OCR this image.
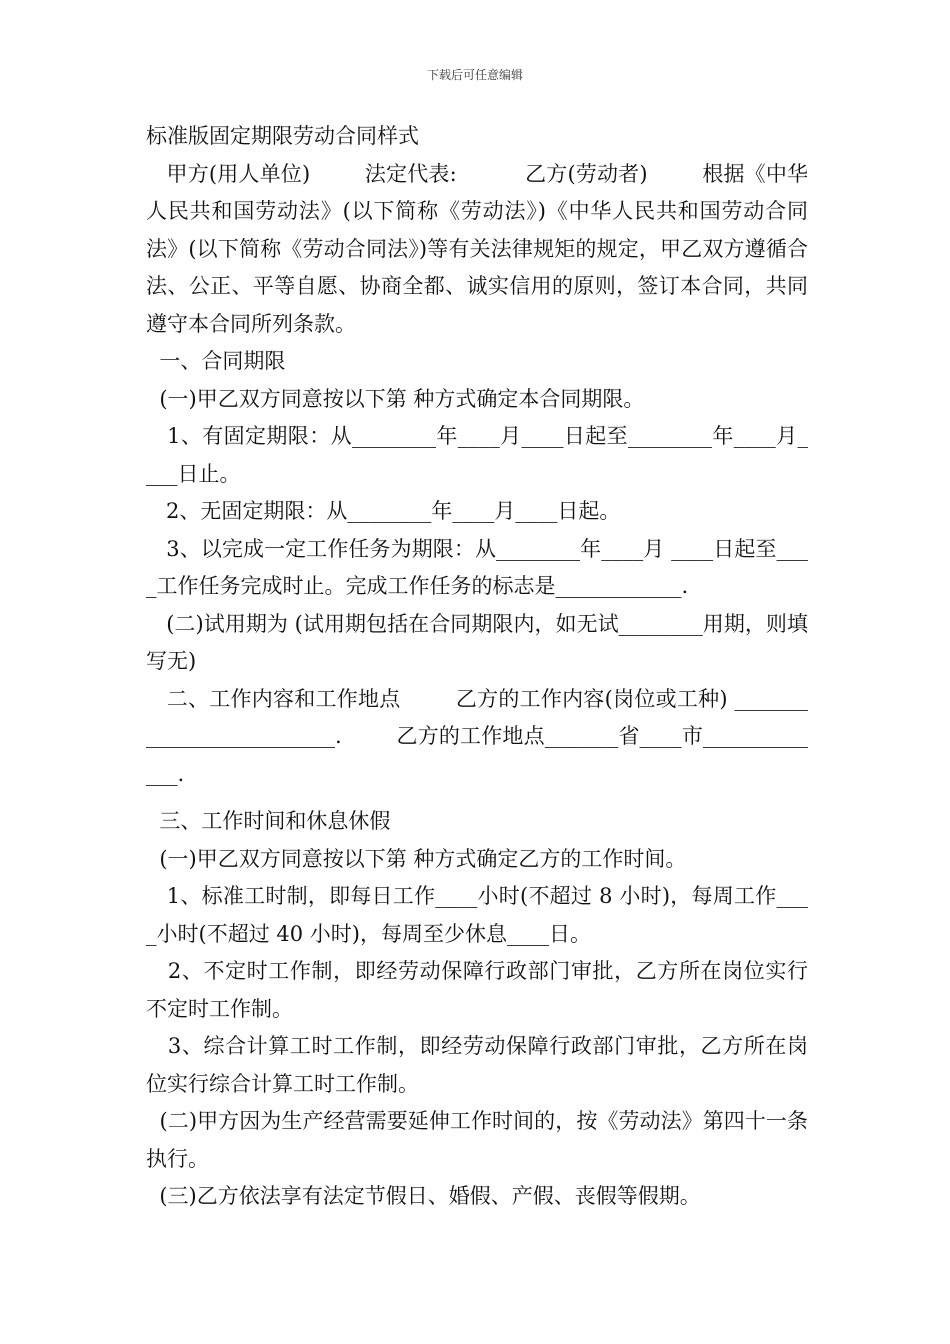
下载后可任意编辑

标准版固定期限劳动合同样式

甲方(用人单位)        法定代表:          乙方(劳动者)        根据《中华人民共和国劳动法》(以下简称《劳动法》)《中华人民共和国劳动合同法》(以下简称《劳动合同法》)等有关法律规矩的规定，甲乙双方遵循合法、公正、平等自愿、协商全都、诚实信用的原则，签订本合同，共同遵守本合同所列条款。

一、合同期限

(一)甲乙双方同意按以下第 种方式确定本合同期限。

1、有固定期限：从________年____月____日起至________年____月____日止。

2、无固定期限：从________年____月____日起。

3、以完成一定工作任务为期限：从________年____月 ____日起至____工作任务完成时止。完成工作任务的标志是____________.

(二)试用期为 (试用期包括在合同期限内，如无试________用期，则填写无)

二、工作内容和工作地点        乙方的工作内容(岗位或工种) _________________________.        乙方的工作地点_______省____市_____________.

三、工作时间和休息休假

(一)甲乙双方同意按以下第 种方式确定乙方的工作时间。

1、标准工时制，即每日工作____小时(不超过 8 小时)，每周工作____小时(不超过 40 小时)，每周至少休息____日。

2、不定时工作制，即经劳动保障行政部门审批，乙方所在岗位实行不定时工作制。

3、综合计算工时工作制，即经劳动保障行政部门审批，乙方所在岗位实行综合计算工时工作制。

(二)甲方因为生产经营需要延伸工作时间的，按《劳动法》第四十一条执行。

(三)乙方依法享有法定节假日、婚假、产假、丧假等假期。
